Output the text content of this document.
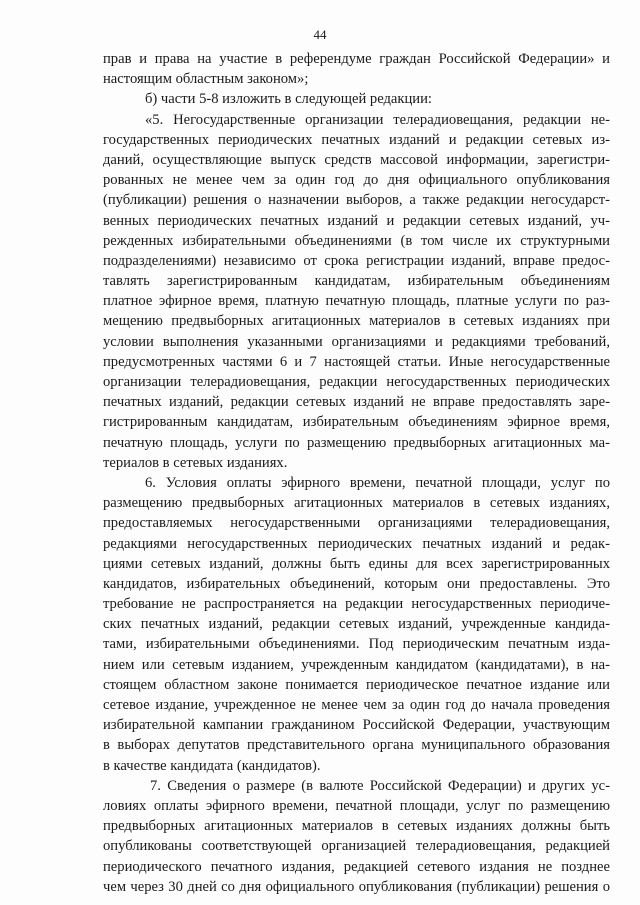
44
прав и права на участие в референдуме граждан Российской Федерации» и
настоящим областным законом»;
б) части 5-8 изложить в следующей редакции:
«5. Негосударственные организации телерадиовещания, редакции не-
государственных периодических печатных изданий и редакции сетевых из-
даний, осуществляющие выпуск средств массовой информации, зарегистри-
рованных не менее чем за один год до дня официального опубликования
(публикации) решения о назначении выборов, а также редакции негосударст-
венных периодических печатных изданий и редакции сетевых изданий, уч-
режденных избирательными объединениями (в том числе их структурными
подразделениями) независимо от срока регистрации изданий, вправе предос-
тавлять зарегистрированным кандидатам, избирательным объединениям
платное эфирное время, платную печатную площадь, платные услуги по раз-
мещению предвыборных агитационных материалов в сетевых изданиях при
условии выполнения указанными организациями и редакциями требований,
предусмотренных частями 6 и 7 настоящей статьи. Иные негосударственные
организации телерадиовещания, редакции негосударственных периодических
печатных изданий, редакции сетевых изданий не вправе предоставлять заре-
гистрированным кандидатам, избирательным объединениям эфирное время,
печатную площадь, услуги по размещению предвыборных агитационных ма-
териалов в сетевых изданиях.
6. Условия оплаты эфирного времени, печатной площади, услуг по
размещению предвыборных агитационных материалов в сетевых изданиях,
предоставляемых негосударственными организациями телерадиовещания,
редакциями негосударственных периодических печатных изданий и редак-
циями сетевых изданий, должны быть едины для всех зарегистрированных
кандидатов, избирательных объединений, которым они предоставлены. Это
требование не распространяется на редакции негосударственных периодиче-
ских печатных изданий, редакции сетевых изданий, учрежденные кандида-
тами, избирательными объединениями. Под периодическим печатным изда-
нием или сетевым изданием, учрежденным кандидатом (кандидатами), в на-
стоящем областном законе понимается периодическое печатное издание или
сетевое издание, учрежденное не менее чем за один год до начала проведения
избирательной кампании гражданином Российской Федерации, участвующим
в выборах депутатов представительного органа муниципального образования
в качестве кандидата (кандидатов).
7. Сведения о размере (в валюте Российской Федерации) и других ус-
ловиях оплаты эфирного времени, печатной площади, услуг по размещению
предвыборных агитационных материалов в сетевых изданиях должны быть
опубликованы соответствующей организацией телерадиовещания, редакцией
периодического печатного издания, редакцией сетевого издания не позднее
чем через 30 дней со дня официального опубликования (публикации) решения о
